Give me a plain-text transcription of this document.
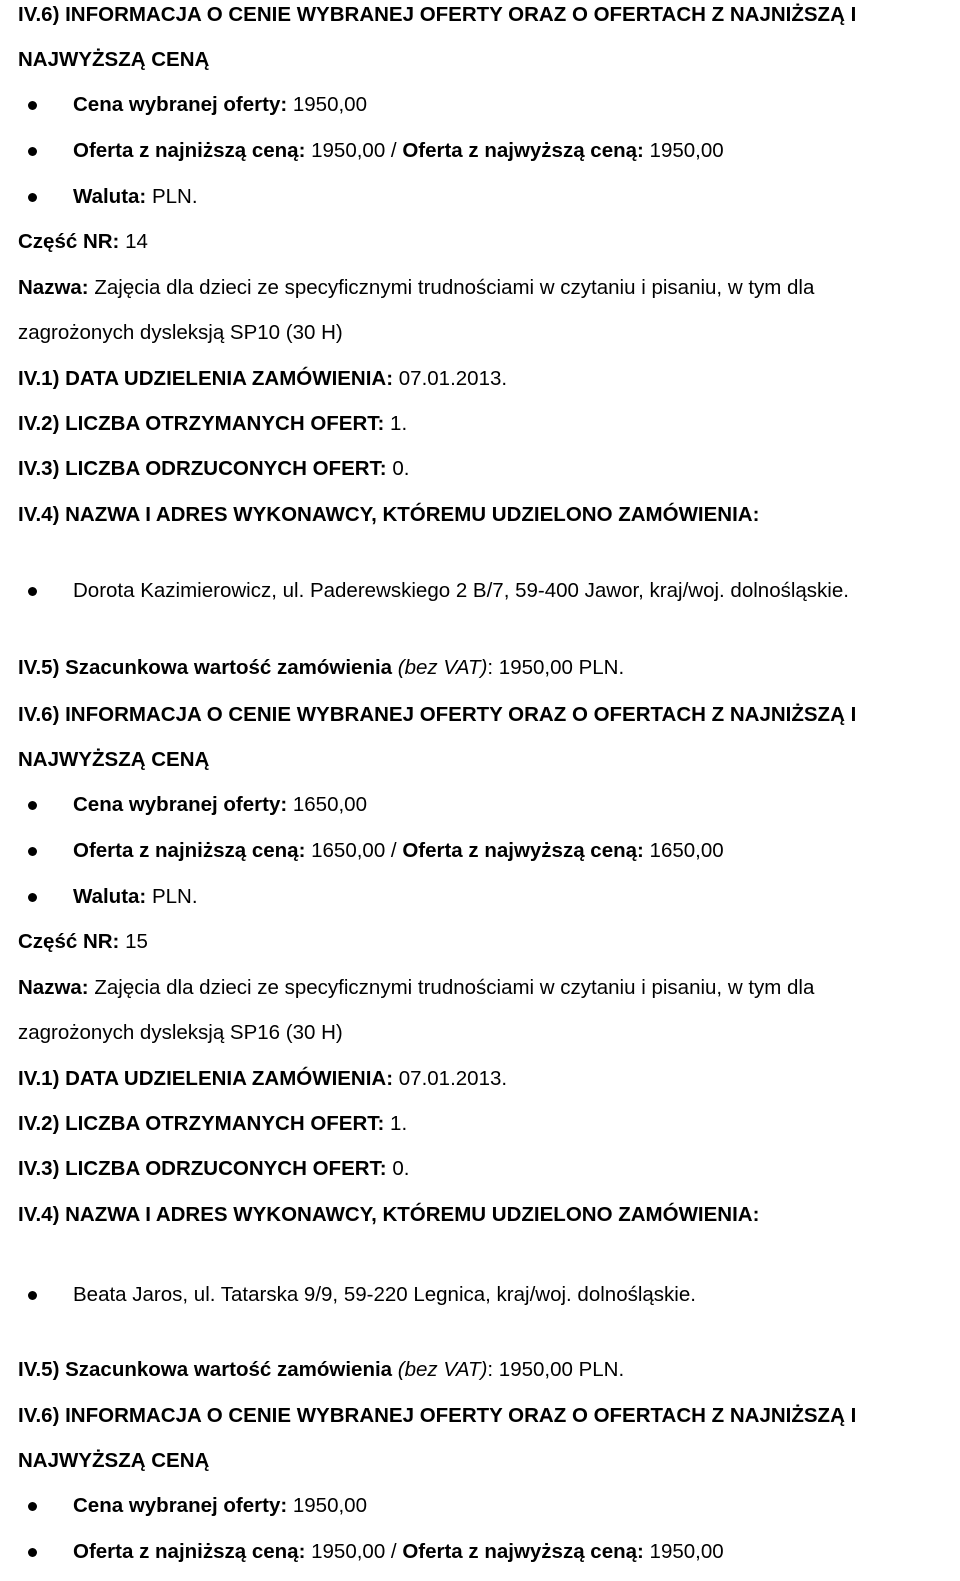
IV.6) INFORMACJA O CENIE WYBRANEJ OFERTY ORAZ O OFERTACH Z NAJNIŻSZĄ I
NAJWYŻSZĄ CENĄ
Cena wybranej oferty: 1950,00
Oferta z najniższą ceną: 1950,00 / Oferta z najwyższą ceną: 1950,00
Waluta: PLN.
Część NR: 14
Nazwa: Zajęcia dla dzieci ze specyficznymi trudnościami w czytaniu i pisaniu, w tym dla
zagrożonych dysleksją SP10 (30 H)
IV.1) DATA UDZIELENIA ZAMÓWIENIA: 07.01.2013.
IV.2) LICZBA OTRZYMANYCH OFERT: 1.
IV.3) LICZBA ODRZUCONYCH OFERT: 0.
IV.4) NAZWA I ADRES WYKONAWCY, KTÓREMU UDZIELONO ZAMÓWIENIA:
Dorota Kazimierowicz, ul. Paderewskiego 2 B/7, 59-400 Jawor, kraj/woj. dolnośląskie.
IV.5) Szacunkowa wartość zamówienia (bez VAT): 1950,00 PLN.
IV.6) INFORMACJA O CENIE WYBRANEJ OFERTY ORAZ O OFERTACH Z NAJNIŻSZĄ I
NAJWYŻSZĄ CENĄ
Cena wybranej oferty: 1650,00
Oferta z najniższą ceną: 1650,00 / Oferta z najwyższą ceną: 1650,00
Waluta: PLN.
Część NR: 15
Nazwa: Zajęcia dla dzieci ze specyficznymi trudnościami w czytaniu i pisaniu, w tym dla
zagrożonych dysleksją SP16 (30 H)
IV.1) DATA UDZIELENIA ZAMÓWIENIA: 07.01.2013.
IV.2) LICZBA OTRZYMANYCH OFERT: 1.
IV.3) LICZBA ODRZUCONYCH OFERT: 0.
IV.4) NAZWA I ADRES WYKONAWCY, KTÓREMU UDZIELONO ZAMÓWIENIA:
Beata Jaros, ul. Tatarska 9/9, 59-220 Legnica, kraj/woj. dolnośląskie.
IV.5) Szacunkowa wartość zamówienia (bez VAT): 1950,00 PLN.
IV.6) INFORMACJA O CENIE WYBRANEJ OFERTY ORAZ O OFERTACH Z NAJNIŻSZĄ I
NAJWYŻSZĄ CENĄ
Cena wybranej oferty: 1950,00
Oferta z najniższą ceną: 1950,00 / Oferta z najwyższą ceną: 1950,00
